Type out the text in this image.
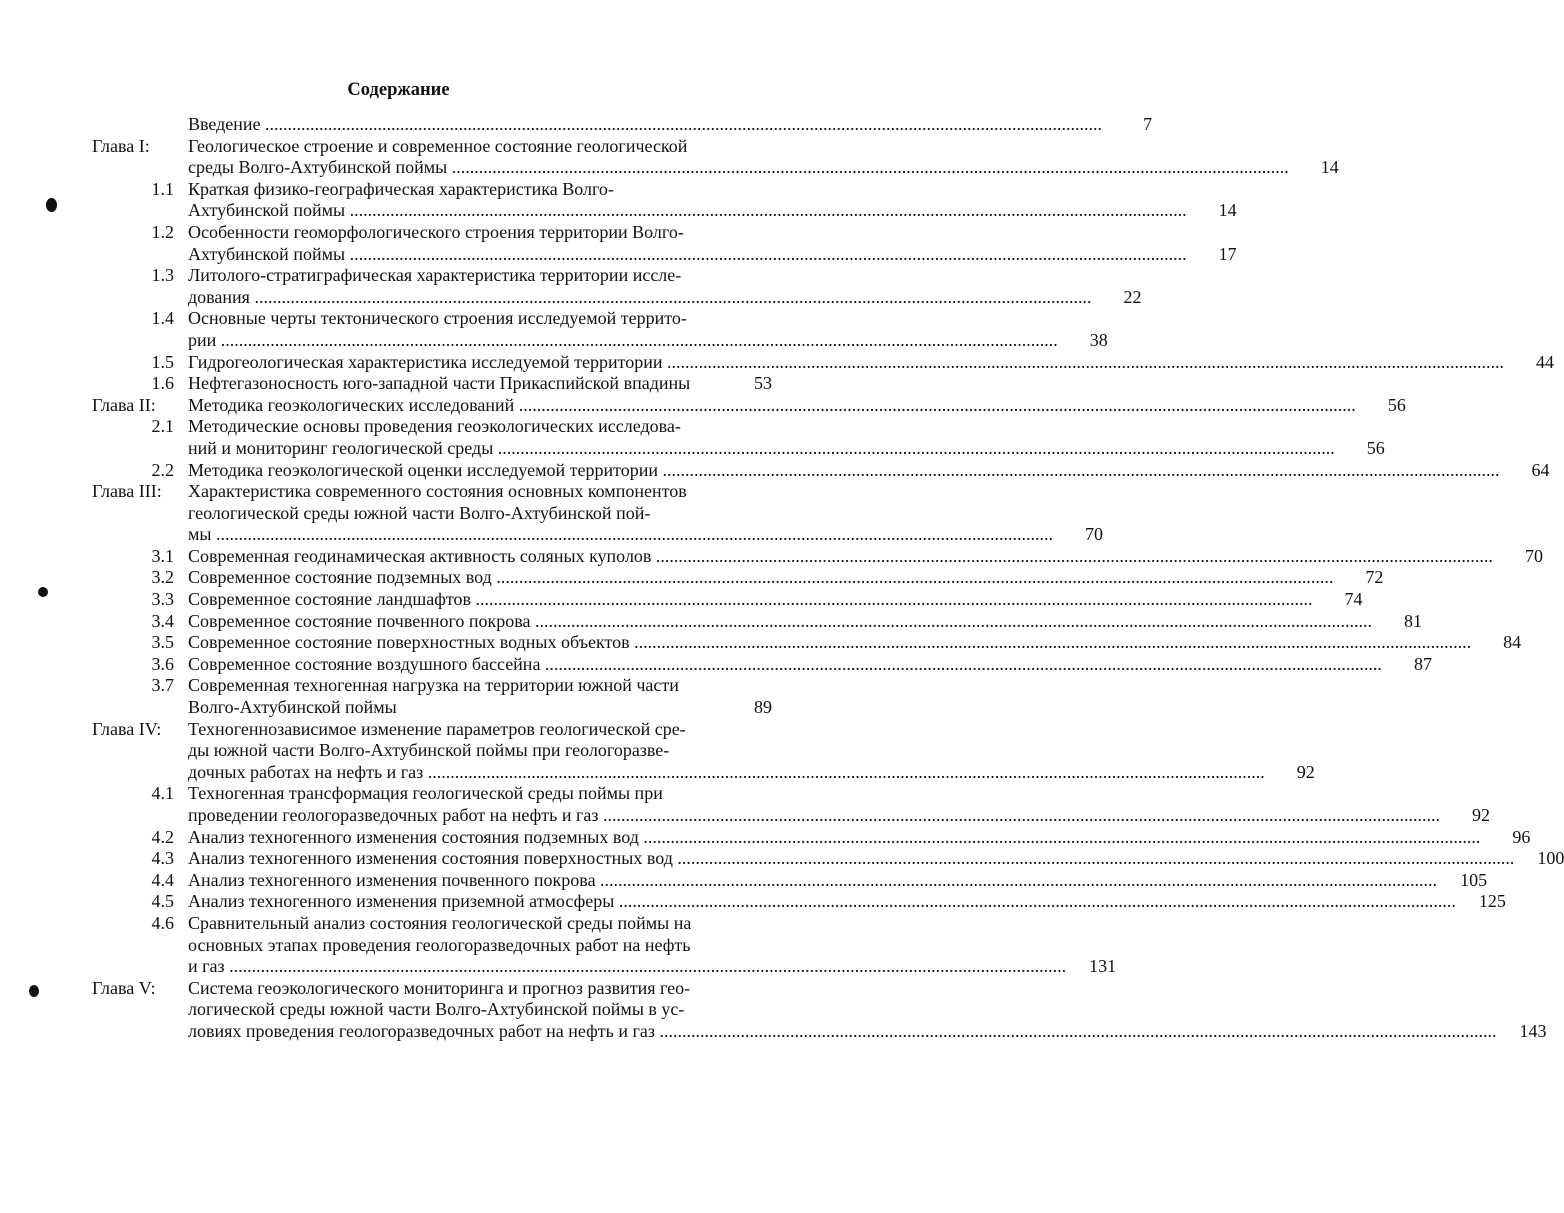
Содержание
Введение ..........................................................................................................................................................................................	7
Глава I:	Геологическое строение и современное состояние геологической
среды Волго-Ахтубинской поймы ..........................................................................................................................................................................................	14
1.1 Краткая физико-географическая характеристика Волго-
Ахтубинской поймы ..........................................................................................................................................................................................	14
1.2 Особенности геоморфологического строения территории Волго-
Ахтубинской поймы ..........................................................................................................................................................................................	17
1.3 Литолого-стратиграфическая характеристика территории иссле-
дования ..........................................................................................................................................................................................	22
1.4 Основные черты тектонического строения исследуемой террито-
рии ..........................................................................................................................................................................................	38
1.5 Гидрогеологическая характеристика исследуемой территории ..........................................................................................................................................................................................	44
1.6 Нефтегазоносность юго-западной части Прикаспийской впадины	53
Глава II:	Методика геоэкологических исследований ..........................................................................................................................................................................................	56
2.1 Методические основы проведения геоэкологических исследова-
ний и мониторинг геологической среды ..........................................................................................................................................................................................	56
2.2 Методика геоэкологической оценки исследуемой территории ..........................................................................................................................................................................................	64
Глава III:	Характеристика современного состояния основных компонентов
геологической среды южной части Волго-Ахтубинской пой-
мы ..........................................................................................................................................................................................	70
3.1 Современная геодинамическая активность соляных куполов ..........................................................................................................................................................................................	70
3.2 Современное состояние подземных вод ..........................................................................................................................................................................................	72
3.3 Современное состояние ландшафтов ..........................................................................................................................................................................................	74
3.4 Современное состояние почвенного покрова ..........................................................................................................................................................................................	81
3.5 Современное состояние поверхностных водных объектов ..........................................................................................................................................................................................	84
3.6 Современное состояние воздушного бассейна ..........................................................................................................................................................................................	87
3.7 Современная техногенная нагрузка на территории южной части
Волго-Ахтубинской поймы	89
Глава IV:	Техногеннозависимое изменение параметров геологической сре-
ды южной части Волго-Ахтубинской поймы при геологоразве-
дочных работах на нефть и газ ..........................................................................................................................................................................................	92
4.1 Техногенная трансформация геологической среды поймы при
проведении геологоразведочных работ на нефть и газ ..........................................................................................................................................................................................	92
4.2 Анализ техногенного изменения состояния подземных вод ..........................................................................................................................................................................................	96
4.3 Анализ техногенного изменения состояния поверхностных вод ..........................................................................................................................................................................................	100
4.4 Анализ техногенного изменения почвенного покрова ..........................................................................................................................................................................................	105
4.5 Анализ техногенного изменения приземной атмосферы ..........................................................................................................................................................................................	125
4.6 Сравнительный анализ состояния геологической среды поймы на
основных этапах проведения геологоразведочных работ на нефть
и газ ..........................................................................................................................................................................................	131
Глава V:	Система геоэкологического мониторинга и прогноз развития гео-
логической среды южной части Волго-Ахтубинской поймы в ус-
ловиях проведения геологоразведочных работ на нефть и газ ..........................................................................................................................................................................................	143
